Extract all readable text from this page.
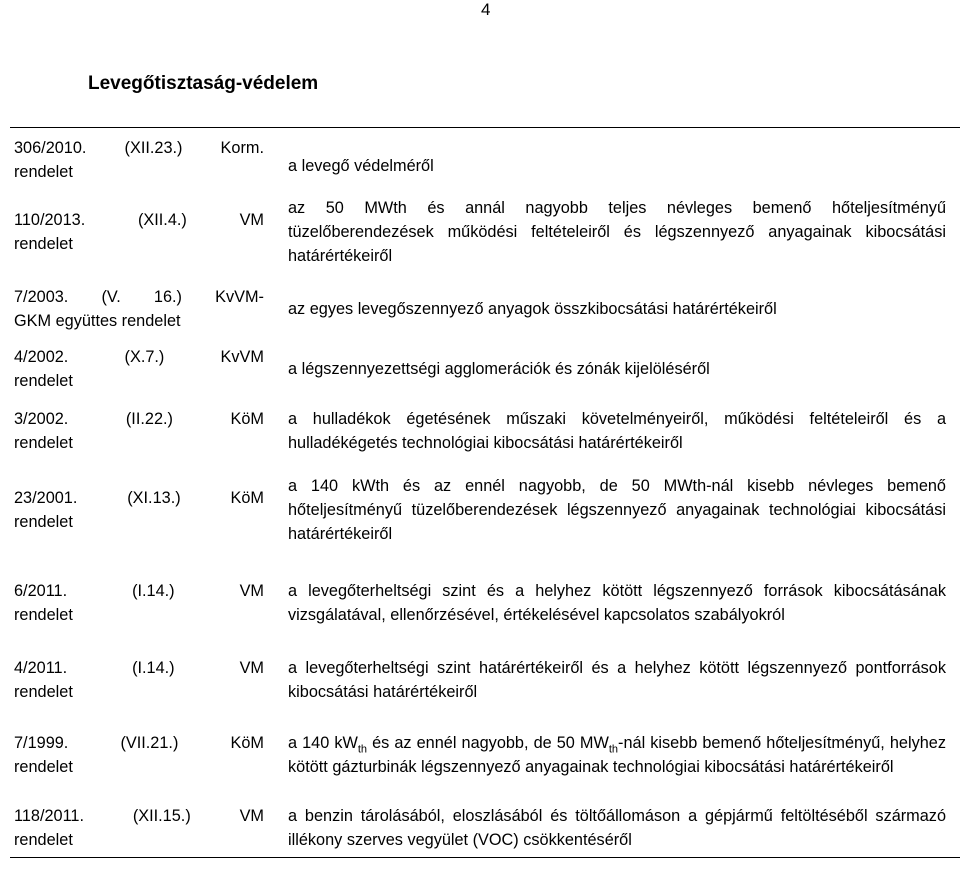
4
Levegőtisztaság-védelem
306/2010. (XII.23.) Korm.
rendelet	a levegő védelméről

110/2013. (XII.4.) VM
rendelet	az 50 MWth és annál nagyobb teljes névleges bemenő hőteljesítményű tüzelőberendezések működési feltételeiről és légszennyező anyagainak kibocsátási határértékeiről

7/2003. (V. 16.) KvVM-
GKM együttes rendelet	az egyes levegőszennyező anyagok összkibocsátási határértékeiről

4/2002. (X.7.) KvVM
rendelet	a légszennyezettségi agglomerációk és zónák kijelöléséről

3/2002. (II.22.) KöM
rendelet	a hulladékok égetésének műszaki követelményeiről, működési feltételeiről és a hulladékégetés technológiai kibocsátási határértékeiről

23/2001. (XI.13.) KöM
rendelet	a 140 kWth és az ennél nagyobb, de 50 MWth-nál kisebb névleges bemenő hőteljesítményű tüzelőberendezések légszennyező anyagainak technológiai kibocsátási határértékeiről

6/2011. (I.14.) VM
rendelet	a levegőterheltségi szint és a helyhez kötött légszennyező források kibocsátásának vizsgálatával, ellenőrzésével, értékelésével kapcsolatos szabályokról

4/2011. (I.14.) VM
rendelet	a levegőterheltségi szint határértékeiről és a helyhez kötött légszennyező pontforrások kibocsátási határértékeiről

7/1999. (VII.21.) KöM
rendelet	a 140 $kW_{th}$ és az ennél nagyobb, de 50 $MW_{th}$-nál kisebb bemenő hőteljesítményű, helyhez kötött gázturbinák légszennyező anyagainak technológiai kibocsátási határértékeiről

118/2011. (XII.15.) VM
rendelet	a benzin tárolásából, eloszlásából és töltőállomáson a gépjármű feltöltéséből származó illékony szerves vegyület (VOC) csökkentéséről
